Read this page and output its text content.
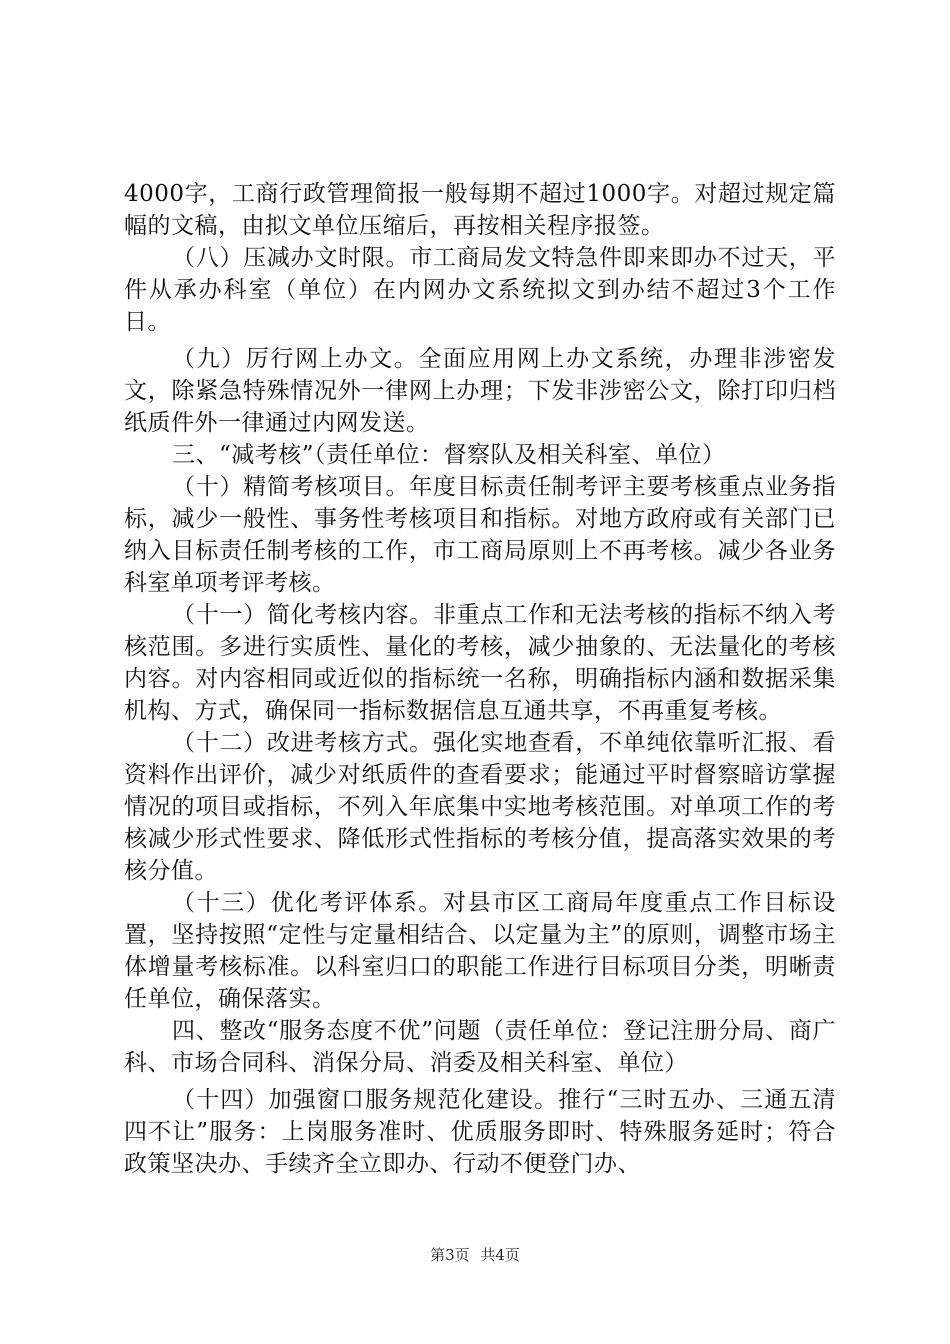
4000字，工商行政管理简报一般每期不超过1000字。对超过规定篇幅的文稿，由拟文单位压缩后，再按相关程序报签。

（八）压减办文时限。市工商局发文特急件即来即办不过天，平件从承办科室（单位）在内网办文系统拟文到办结不超过3个工作日。

（九）厉行网上办文。全面应用网上办文系统，办理非涉密发文，除紧急特殊情况外一律网上办理；下发非涉密公文，除打印归档纸质件外一律通过内网发送。

三、“减考核”（责任单位：督察队及相关科室、单位）

（十）精简考核项目。年度目标责任制考评主要考核重点业务指标，减少一般性、事务性考核项目和指标。对地方政府或有关部门已纳入目标责任制考核的工作，市工商局原则上不再考核。减少各业务科室单项考评考核。

（十一）简化考核内容。非重点工作和无法考核的指标不纳入考核范围。多进行实质性、量化的考核，减少抽象的、无法量化的考核内容。对内容相同或近似的指标统一名称，明确指标内涵和数据采集机构、方式，确保同一指标数据信息互通共享，不再重复考核。

（十二）改进考核方式。强化实地查看，不单纯依靠听汇报、看资料作出评价，减少对纸质件的查看要求；能通过平时督察暗访掌握情况的项目或指标，不列入年底集中实地考核范围。对单项工作的考核减少形式性要求、降低形式性指标的考核分值，提高落实效果的考核分值。

（十三）优化考评体系。对县市区工商局年度重点工作目标设置，坚持按照“定性与定量相结合、以定量为主”的原则，调整市场主体增量考核标准。以科室归口的职能工作进行目标项目分类，明晰责任单位，确保落实。

四、整改“服务态度不优”问题（责任单位：登记注册分局、商广科、市场合同科、消保分局、消委及相关科室、单位）

（十四）加强窗口服务规范化建设。推行“三时五办、三通五清四不让”服务：上岗服务准时、优质服务即时、特殊服务延时；符合政策坚决办、手续齐全立即办、行动不便登门办、

第3页 共4页
